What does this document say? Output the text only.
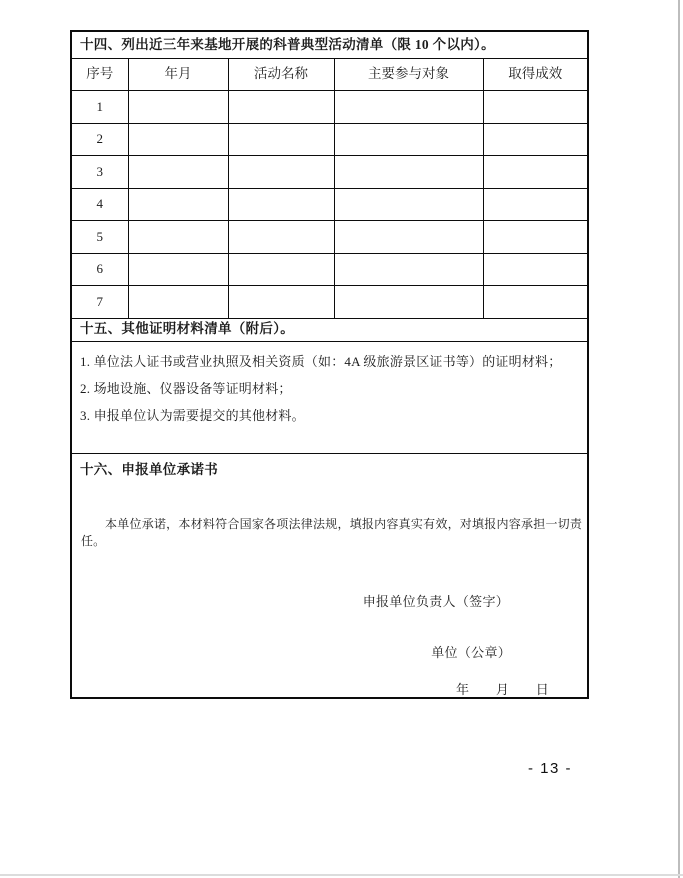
十四、列出近三年来基地开展的科普典型活动清单（限 10 个以内）。				
序号	年月	活动名称	主要参与对象	取得成效
1				
2				
3				
4				
5				
6				
7				
十五、其他证明材料清单（附后）。				

1. 单位法人证书或营业执照及相关资质（如：4A 级旅游景区证书等）的证明材料；
2. 场地设施、仪器设备等证明材料；
3. 申报单位认为需要提交的其他材料。				

十六、申报单位承诺书
本单位承诺，本材料符合国家各项法律法规，填报内容真实有效，对填报内容承担一切责任。
申报单位负责人（签字）
单位（公章）
年　　月　　日				
- 13 -
